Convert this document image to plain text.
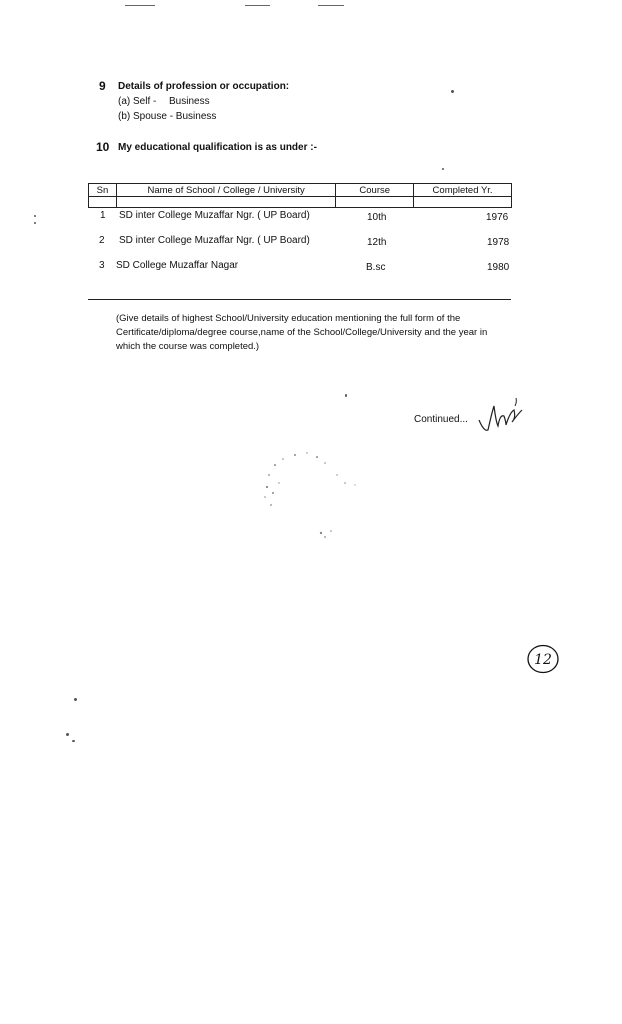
9 Details of profession or occupation:
(a) Self - Business
(b) Spouse - Business
10 My educational qualification is as under :-
Sn	Name of School / College / University	Course	Completed Yr.

1 SD inter College Muzaffar Ngr. ( UP Board)	10th	1976
2 SD inter College Muzaffar Ngr. ( UP Board)	12th	1978
3 SD College Muzaffar Nagar	B.sc	1980
(Give details of highest School/University education mentioning the full form of the Certificate/diploma/degree course,name of the School/College/University and the year in which the course was completed.)
Continued...
12
